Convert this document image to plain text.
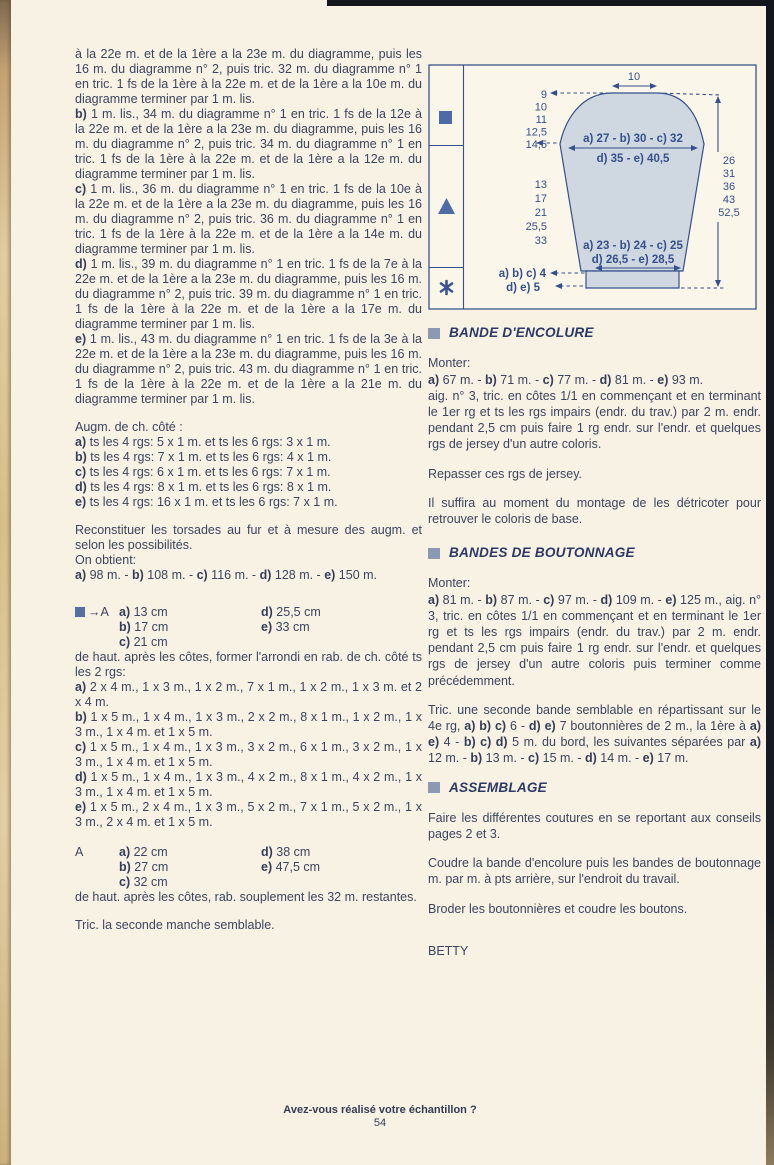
à la 22e m. et de la 1ère a la 23e m. du diagramme, puis les 16 m. du diagramme n° 2, puis tric. 32 m. du diagramme n° 1 en tric. 1 fs de la 1ère à la 22e m. et de la 1ère a la 10e m. du diagramme terminer par 1 m. lis.

b) 1 m. lis., 34 m. du diagramme n° 1 en tric. 1 fs de la 12e à la 22e m. et de la 1ère a la 23e m. du diagramme, puis les 16 m. du diagramme n° 2, puis tric. 34 m. du diagramme n° 1 en tric. 1 fs de la 1ère à la 22e m. et de la 1ère a la 12e m. du diagramme terminer par 1 m. lis.

c) 1 m. lis., 36 m. du diagramme n° 1 en tric. 1 fs de la 10e à la 22e m. et de la 1ère a la 23e m. du diagramme, puis les 16 m. du diagramme n° 2, puis tric. 36 m. du diagramme n° 1 en tric. 1 fs de la 1ère à la 22e m. et de la 1ère a la 14e m. du diagramme terminer par 1 m. lis.

d) 1 m. lis., 39 m. du diagramme n° 1 en tric. 1 fs de la 7e à la 22e m. et de la 1ère a la 23e m. du diagramme, puis les 16 m. du diagramme n° 2, puis tric. 39 m. du diagramme n° 1 en tric. 1 fs de la 1ère à la 22e m. et de la 1ère a la 17e m. du diagramme terminer par 1 m. lis.

e) 1 m. lis., 43 m. du diagramme n° 1 en tric. 1 fs de la 3e à la 22e m. et de la 1ère a la 23e m. du diagramme, puis les 16 m. du diagramme n° 2, puis tric. 43 m. du diagramme n° 1 en tric. 1 fs de la 1ère à la 22e m. et de la 1ère a la 21e m. du diagramme terminer par 1 m. lis.

Augm. de ch. côté :

a) ts les 4 rgs: 5 x 1 m. et ts les 6 rgs: 3 x 1 m.

b) ts les 4 rgs: 7 x 1 m. et ts les 6 rgs: 4 x 1 m.

c) ts les 4 rgs: 6 x 1 m. et ts les 6 rgs: 7 x 1 m.

d) ts les 4 rgs: 8 x 1 m. et ts les 6 rgs: 8 x 1 m.

e) ts les 4 rgs: 16 x 1 m. et ts les 6 rgs: 7 x 1 m.

Reconstituer les torsades au fur et à mesure des augm. et selon les possibilités.

On obtient:

a) 98 m. - b) 108 m. - c) 116 m. - d) 128 m. - e) 150 m.

→A a) 13 cm	d) 25,5 cm
b) 17 cm	e) 33 cm
c) 21 cm

de haut. après les côtes, former l'arrondi en rab. de ch. côté ts les 2 rgs:

a) 2 x 4 m., 1 x 3 m., 1 x 2 m., 7 x 1 m., 1 x 2 m., 1 x 3 m. et 2 x 4 m.

b) 1 x 5 m., 1 x 4 m., 1 x 3 m., 2 x 2 m., 8 x 1 m., 1 x 2 m., 1 x 3 m., 1 x 4 m. et 1 x 5 m.

c) 1 x 5 m., 1 x 4 m., 1 x 3 m., 3 x 2 m., 6 x 1 m., 3 x 2 m., 1 x 3 m., 1 x 4 m. et 1 x 5 m.

d) 1 x 5 m., 1 x 4 m., 1 x 3 m., 4 x 2 m., 8 x 1 m., 4 x 2 m., 1 x 3 m., 1 x 4 m. et 1 x 5 m.

e) 1 x 5 m., 2 x 4 m., 1 x 3 m., 5 x 2 m., 7 x 1 m., 5 x 2 m., 1 x 3 m., 2 x 4 m. et 1 x 5 m.

A	a) 22 cm	d) 38 cm
b) 27 cm	e) 47,5 cm
c) 32 cm

de haut. après les côtes, rab. souplement les 32 m. restantes.

Tric. la seconde manche semblable.

10
9
10
11
12,5
14,5	a) 27 - b) 30 - c) 32
d) 35 - e) 40,5
13
17
21
25,5
33
26
31
36
43
52,5
a) 23 - b) 24 - c) 25
d) 26,5 - e) 28,5
a) b) c) 4
d) e) 5
BANDE D'ENCOLURE

Monter:

a) 67 m. - b) 71 m. - c) 77 m. - d) 81 m. - e) 93 m.

aig. n° 3, tric. en côtes 1/1 en commençant et en terminant le 1er rg et ts les rgs impairs (endr. du trav.) par 2 m. endr. pendant 2,5 cm puis faire 1 rg endr. sur l'endr. et quelques rgs de jersey d'un autre coloris.

Repasser ces rgs de jersey.

Il suffira au moment du montage de les détricoter pour retrouver le coloris de base.

BANDES DE BOUTONNAGE

Monter:

a) 81 m. - b) 87 m. - c) 97 m. - d) 109 m. - e) 125 m., aig. n° 3, tric. en côtes 1/1 en commençant et en terminant le 1er rg et ts les rgs impairs (endr. du trav.) par 2 m. endr. pendant 2,5 cm puis faire 1 rg endr. sur l'endr. et quelques rgs de jersey d'un autre coloris puis terminer comme précédemment.

Tric. une seconde bande semblable en répartissant sur le 4e rg, a) b) c) 6 - d) e) 7 boutonnières de 2 m., la 1ère à a) e) 4 - b) c) d) 5 m. du bord, les suivantes séparées par a) 12 m. - b) 13 m. - c) 15 m. - d) 14 m. - e) 17 m.

ASSEMBLAGE

Faire les différentes coutures en se reportant aux conseils pages 2 et 3.

Coudre la bande d'encolure puis les bandes de boutonnage m. par m. à pts arrière, sur l'endroit du travail.

Broder les boutonnières et coudre les boutons.

BETTY

Avez-vous réalisé votre échantillon ?
54
